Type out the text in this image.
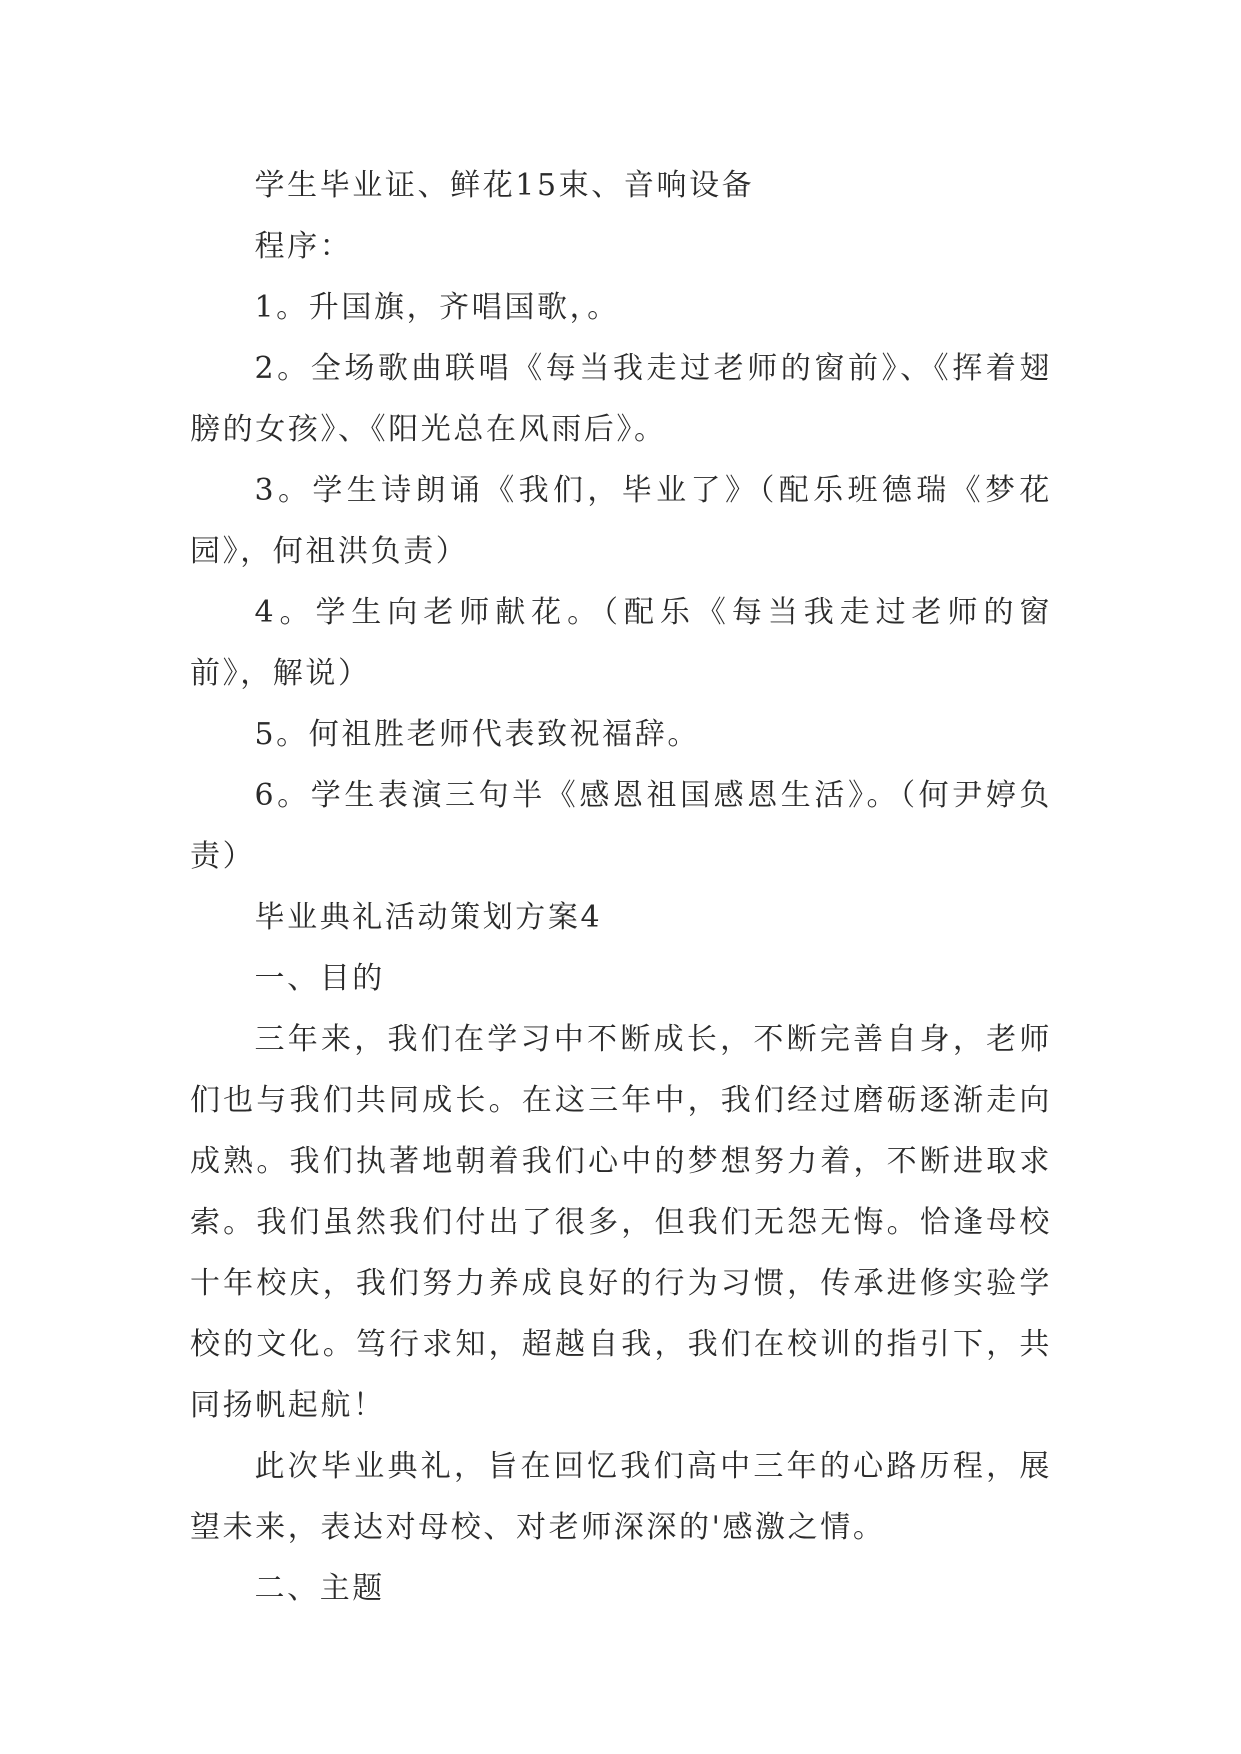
学生毕业证、鲜花15束、音响设备

程序：

1。升国旗，齐唱国歌，。

2。全场歌曲联唱《每当我走过老师的窗前》、《挥着翅膀的女孩》、《阳光总在风雨后》。

3。学生诗朗诵《我们，毕业了》（配乐班德瑞《梦花园》，何祖洪负责）

4。学生向老师献花。（配乐《每当我走过老师的窗前》，解说）

5。何祖胜老师代表致祝福辞。

6。学生表演三句半《感恩祖国感恩生活》。（何尹婷负责）

毕业典礼活动策划方案4

一、目的

三年来，我们在学习中不断成长，不断完善自身，老师们也与我们共同成长。在这三年中，我们经过磨砺逐渐走向成熟。我们执著地朝着我们心中的梦想努力着，不断进取求索。我们虽然我们付出了很多，但我们无怨无悔。恰逢母校十年校庆，我们努力养成良好的行为习惯，传承进修实验学校的文化。笃行求知，超越自我，我们在校训的指引下，共同扬帆起航！

此次毕业典礼，旨在回忆我们高中三年的心路历程，展望未来，表达对母校、对老师深深的'感激之情。

二、主题
